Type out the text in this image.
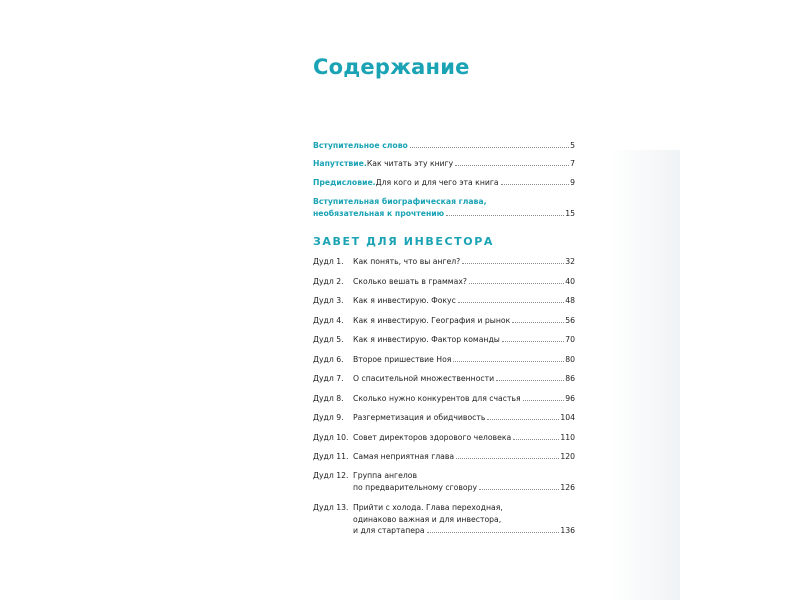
Содержание
Вступительное слово	5
Напутствие. Как читать эту книгу	7
Предисловие. Для кого и для чего эта книга	9
Вступительная биографическая глава,
необязательная к прочтению	15
ЗАВЕТ ДЛЯ ИНВЕСТОРА
Дудл 1.	Как понять, что вы ангел?	32
Дудл 2.	Сколько вешать в граммах?	40
Дудл 3.	Как я инвестирую. Фокус	48
Дудл 4.	Как я инвестирую. География и рынок	56
Дудл 5.	Как я инвестирую. Фактор команды	70
Дудл 6.	Второе пришествие Ноя	80
Дудл 7.	О спасительной множественности	86
Дудл 8.	Сколько нужно конкурентов для счастья	96
Дудл 9.	Разгерметизация и обидчивость	104
Дудл 10. Совет директоров здорового человека	110
Дудл 11. Самая неприятная глава	120
Дудл 12. Группа ангелов
по предварительному сговору	126
Дудл 13. Прийти с холода. Глава переходная,
одинаково важная и для инвестора,
и для стартапера	136
